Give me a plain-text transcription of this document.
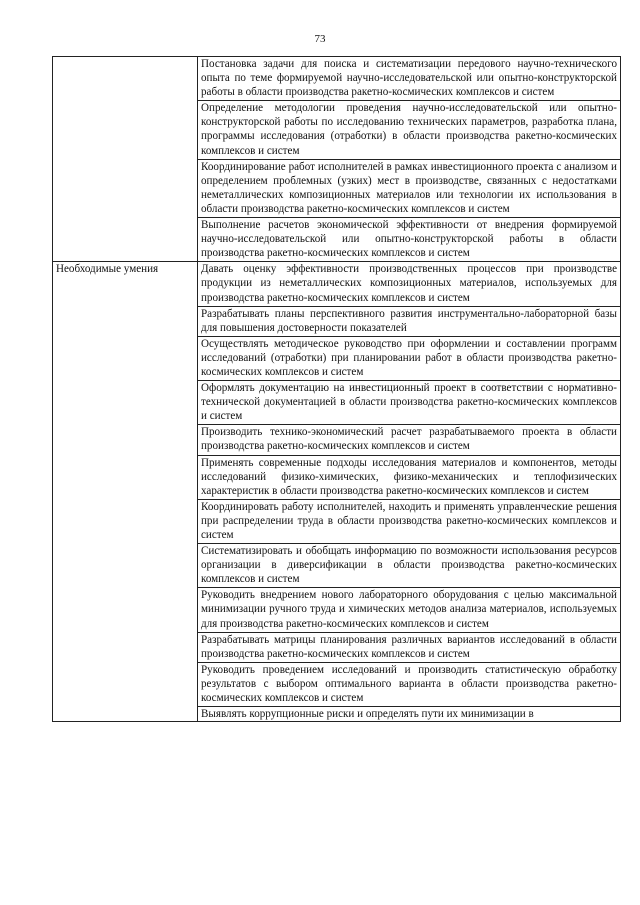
73
	Постановка задачи для поиска и систематизации передового научно-технического опыта по теме формируемой научно-исследовательской или опытно-конструкторской работы в области производства ракетно-космических комплексов и систем
	Определение методологии проведения научно-исследовательской или опытно-конструкторской работы по исследованию технических параметров, разработка плана, программы исследования (отработки) в области производства ракетно-космических комплексов и систем
	Координирование работ исполнителей в рамках инвестиционного проекта с анализом и определением проблемных (узких) мест в производстве, связанных с недостатками неметаллических композиционных материалов или технологии их использования в области производства ракетно-космических комплексов и систем
	Выполнение расчетов экономической эффективности от внедрения формируемой научно-исследовательской или опытно-конструкторской работы в области производства ракетно-космических комплексов и систем
Необходимые умения	Давать оценку эффективности производственных процессов при производстве продукции из неметаллических композиционных материалов, используемых для производства ракетно-космических комплексов и систем
	Разрабатывать планы перспективного развития инструментально-лабораторной базы для повышения достоверности показателей
	Осуществлять методическое руководство при оформлении и составлении программ исследований (отработки) при планировании работ в области производства ракетно-космических комплексов и систем
	Оформлять документацию на инвестиционный проект в соответствии с нормативно-технической документацией в области производства ракетно-космических комплексов и систем
	Производить технико-экономический расчет разрабатываемого проекта в области производства ракетно-космических комплексов и систем
	Применять современные подходы исследования материалов и компонентов, методы исследований физико-химических, физико-механических и теплофизических характеристик в области производства ракетно-космических комплексов и систем
	Координировать работу исполнителей, находить и применять управленческие решения при распределении труда в области производства ракетно-космических комплексов и систем
	Систематизировать и обобщать информацию по возможности использования ресурсов организации в диверсификации в области производства ракетно-космических комплексов и систем
	Руководить внедрением нового лабораторного оборудования с целью максимальной минимизации ручного труда и химических методов анализа материалов, используемых для производства ракетно-космических комплексов и систем
	Разрабатывать матрицы планирования различных вариантов исследований в области производства ракетно-космических комплексов и систем
	Руководить проведением исследований и производить статистическую обработку результатов с выбором оптимального варианта в области производства ракетно-космических комплексов и систем

	Выявлять коррупционные риски и определять пути их минимизации в
